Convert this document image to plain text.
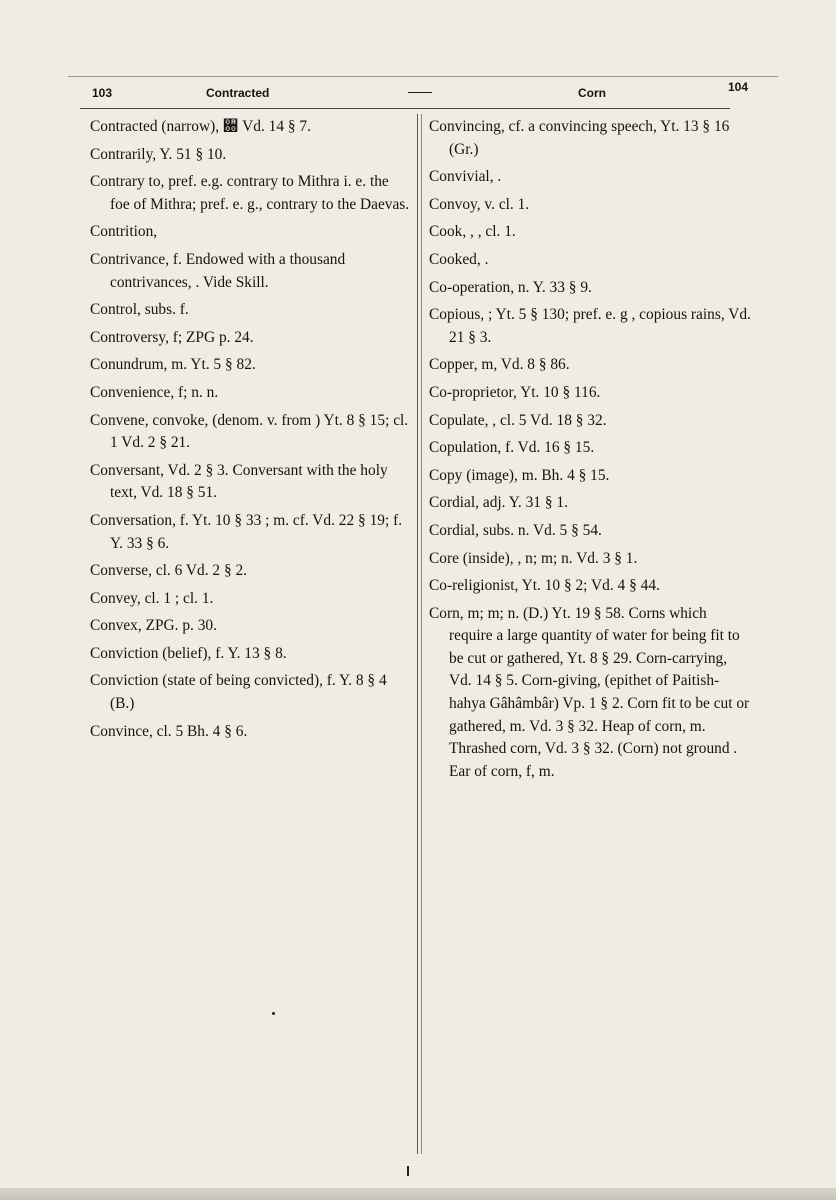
103	Contracted	Corn	104

Contracted (narrow), ਀ Vd. 14 § 7.

Contrarily, Y. 51 § 10.

Contrary to, pref. e.g. contrary to Mithra i. e. the foe of Mithra; pref. e. g., contrary to the Daevas.

Contrition,

Contrivance, f. Endowed with a thousand contrivances, . Vide Skill.

Control, subs. f.

Controversy, f; ZPG p. 24.

Conundrum, m. Yt. 5 § 82.

Convenience, f; n. n.

Convene, convoke, (denom. v. from ) Yt. 8 § 15; cl. 1 Vd. 2 § 21.

Conversant, Vd. 2 § 3. Conversant with the holy text, Vd. 18 § 51.

Conversation, f. Yt. 10 § 33 ; m. cf. Vd. 22 § 19; f. Y. 33 § 6.

Converse, cl. 6 Vd. 2 § 2.

Convey, cl. 1 ; cl. 1.

Convex, ZPG. p. 30.

Conviction (belief), f. Y. 13 § 8.

Conviction (state of being convicted), f. Y. 8 § 4 (B.)

Convince, cl. 5 Bh. 4 § 6.

Convincing, cf. a convincing speech, Yt. 13 § 16 (Gr.)

Convivial, .

Convoy, v. cl. 1.

Cook, , , cl. 1.

Cooked, .

Co-operation, n. Y. 33 § 9.

Copious, ; Yt. 5 § 130; pref. e. g , copious rains, Vd. 21 § 3.

Copper, m, Vd. 8 § 86.

Co-proprietor, Yt. 10 § 116.

Copulate, , cl. 5 Vd. 18 § 32.

Copulation, f. Vd. 16 § 15.

Copy (image), m. Bh. 4 § 15.

Cordial, adj. Y. 31 § 1.

Cordial, subs. n. Vd. 5 § 54.

Core (inside), , n; m; n. Vd. 3 § 1.

Co-religionist, Yt. 10 § 2; Vd. 4 § 44.

Corn, m; m; n. (D.) Yt. 19 § 58. Corns which require a large quantity of water for being fit to be cut or gathered, Yt. 8 § 29. Corn-carrying, Vd. 14 § 5. Corn-giving, (epithet of Paitish-hahya Gâhâmbâr) Vp. 1 § 2. Corn fit to be cut or gathered, m. Vd. 3 § 32. Heap of corn, m. Thrashed corn, Vd. 3 § 32. (Corn) not ground . Ear of corn, f, m.
